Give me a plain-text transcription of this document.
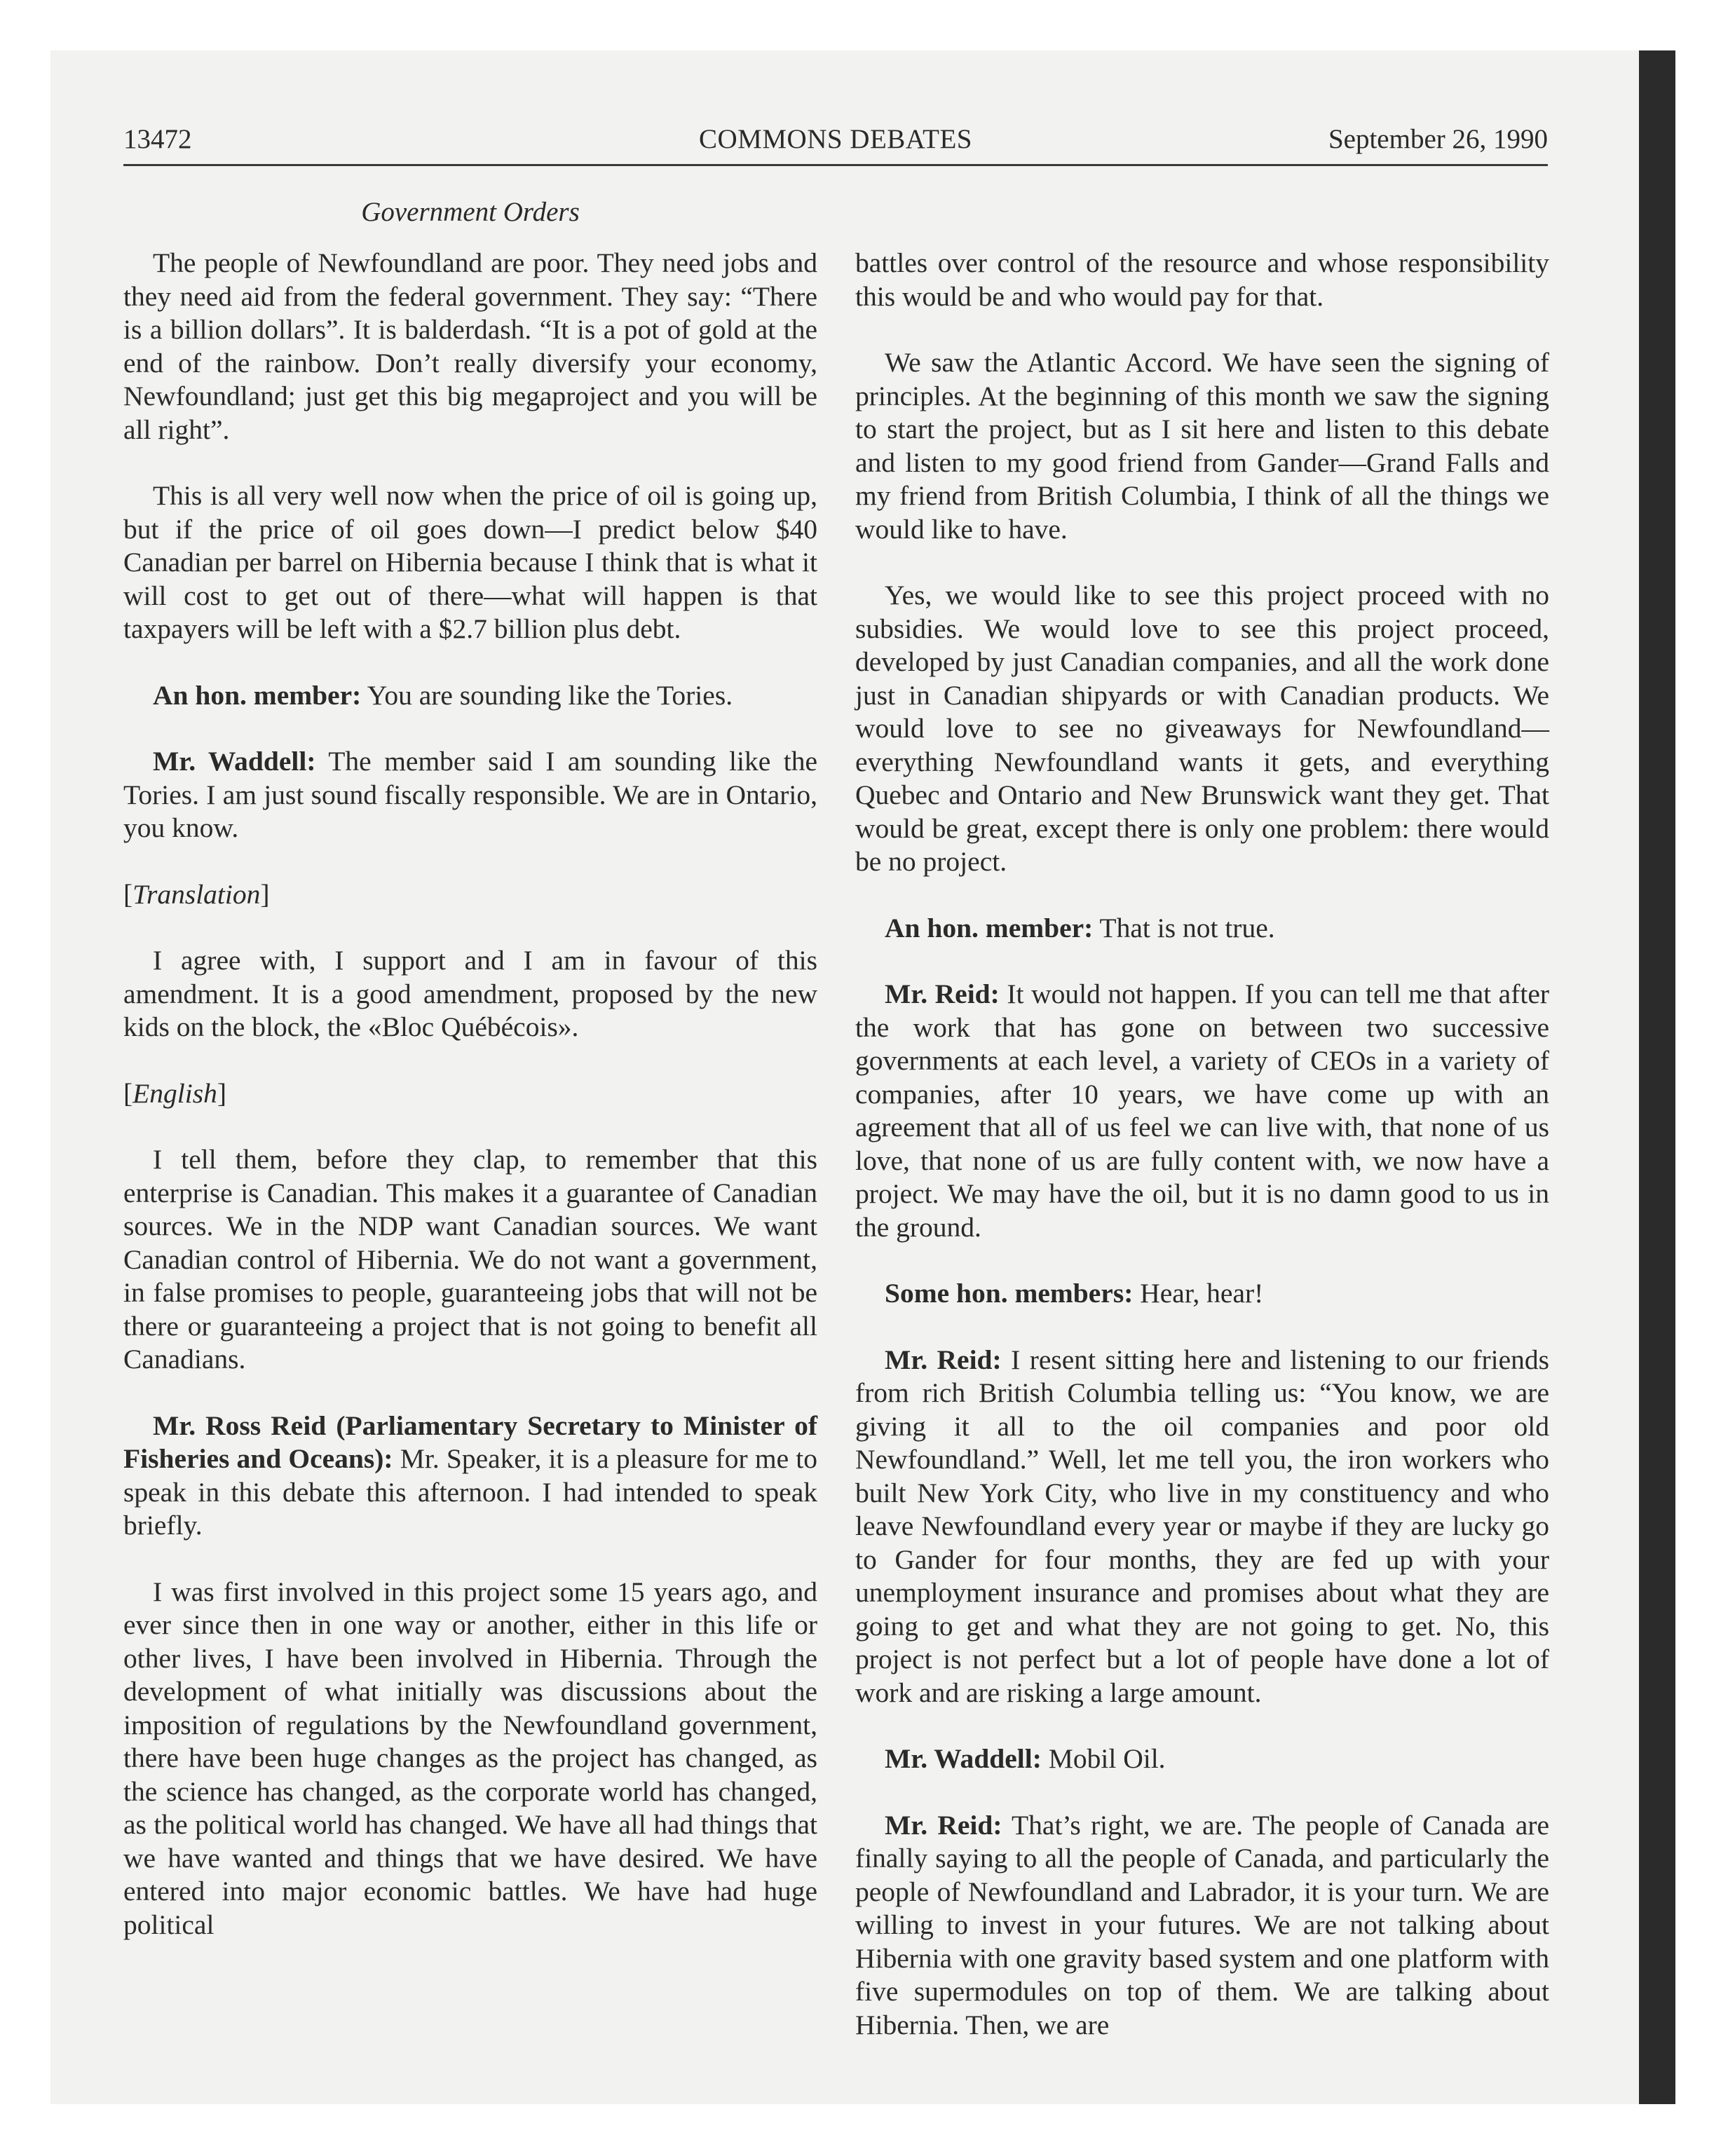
13472	COMMONS DEBATES	September 26, 1990
Government Orders

The people of Newfoundland are poor. They need jobs and they need aid from the federal government. They say: “There is a billion dollars”. It is balderdash. “It is a pot of gold at the end of the rainbow. Don’t really diversify your economy, Newfoundland; just get this big megaproject and you will be all right”.

This is all very well now when the price of oil is going up, but if the price of oil goes down—I predict below $40 Canadian per barrel on Hibernia because I think that is what it will cost to get out of there—what will happen is that taxpayers will be left with a $2.7 billion plus debt.

An hon. member: You are sounding like the Tories.

Mr. Waddell: The member said I am sounding like the Tories. I am just sound fiscally responsible. We are in Ontario, you know.

[Translation]

I agree with, I support and I am in favour of this amendment. It is a good amendment, proposed by the new kids on the block, the «Bloc Québécois».

[English]

I tell them, before they clap, to remember that this enterprise is Canadian. This makes it a guarantee of Canadian sources. We in the NDP want Canadian sources. We want Canadian control of Hibernia. We do not want a government, in false promises to people, guaranteeing jobs that will not be there or guaranteeing a project that is not going to benefit all Canadians.

Mr. Ross Reid (Parliamentary Secretary to Minister of Fisheries and Oceans): Mr. Speaker, it is a pleasure for me to speak in this debate this afternoon. I had intended to speak briefly.

I was first involved in this project some 15 years ago, and ever since then in one way or another, either in this life or other lives, I have been involved in Hibernia. Through the development of what initially was discussions about the imposition of regulations by the Newfoundland government, there have been huge changes as the project has changed, as the science has changed, as the corporate world has changed, as the political world has changed. We have all had things that we have wanted and things that we have desired. We have entered into major economic battles. We have had huge political

battles over control of the resource and whose responsibility this would be and who would pay for that.

We saw the Atlantic Accord. We have seen the signing of principles. At the beginning of this month we saw the signing to start the project, but as I sit here and listen to this debate and listen to my good friend from Gander—Grand Falls and my friend from British Columbia, I think of all the things we would like to have.

Yes, we would like to see this project proceed with no subsidies. We would love to see this project proceed, developed by just Canadian companies, and all the work done just in Canadian shipyards or with Canadian products. We would love to see no giveaways for Newfoundland—everything Newfoundland wants it gets, and everything Quebec and Ontario and New Brunswick want they get. That would be great, except there is only one problem: there would be no project.

An hon. member: That is not true.

Mr. Reid: It would not happen. If you can tell me that after the work that has gone on between two successive governments at each level, a variety of CEOs in a variety of companies, after 10 years, we have come up with an agreement that all of us feel we can live with, that none of us love, that none of us are fully content with, we now have a project. We may have the oil, but it is no damn good to us in the ground.

Some hon. members: Hear, hear!

Mr. Reid: I resent sitting here and listening to our friends from rich British Columbia telling us: “You know, we are giving it all to the oil companies and poor old Newfoundland.” Well, let me tell you, the iron workers who built New York City, who live in my constituency and who leave Newfoundland every year or maybe if they are lucky go to Gander for four months, they are fed up with your unemployment insurance and promises about what they are going to get and what they are not going to get. No, this project is not perfect but a lot of people have done a lot of work and are risking a large amount.

Mr. Waddell: Mobil Oil.

Mr. Reid: That’s right, we are. The people of Canada are finally saying to all the people of Canada, and particularly the people of Newfoundland and Labrador, it is your turn. We are willing to invest in your futures. We are not talking about Hibernia with one gravity based system and one platform with five supermodules on top of them. We are talking about Hibernia. Then, we are
